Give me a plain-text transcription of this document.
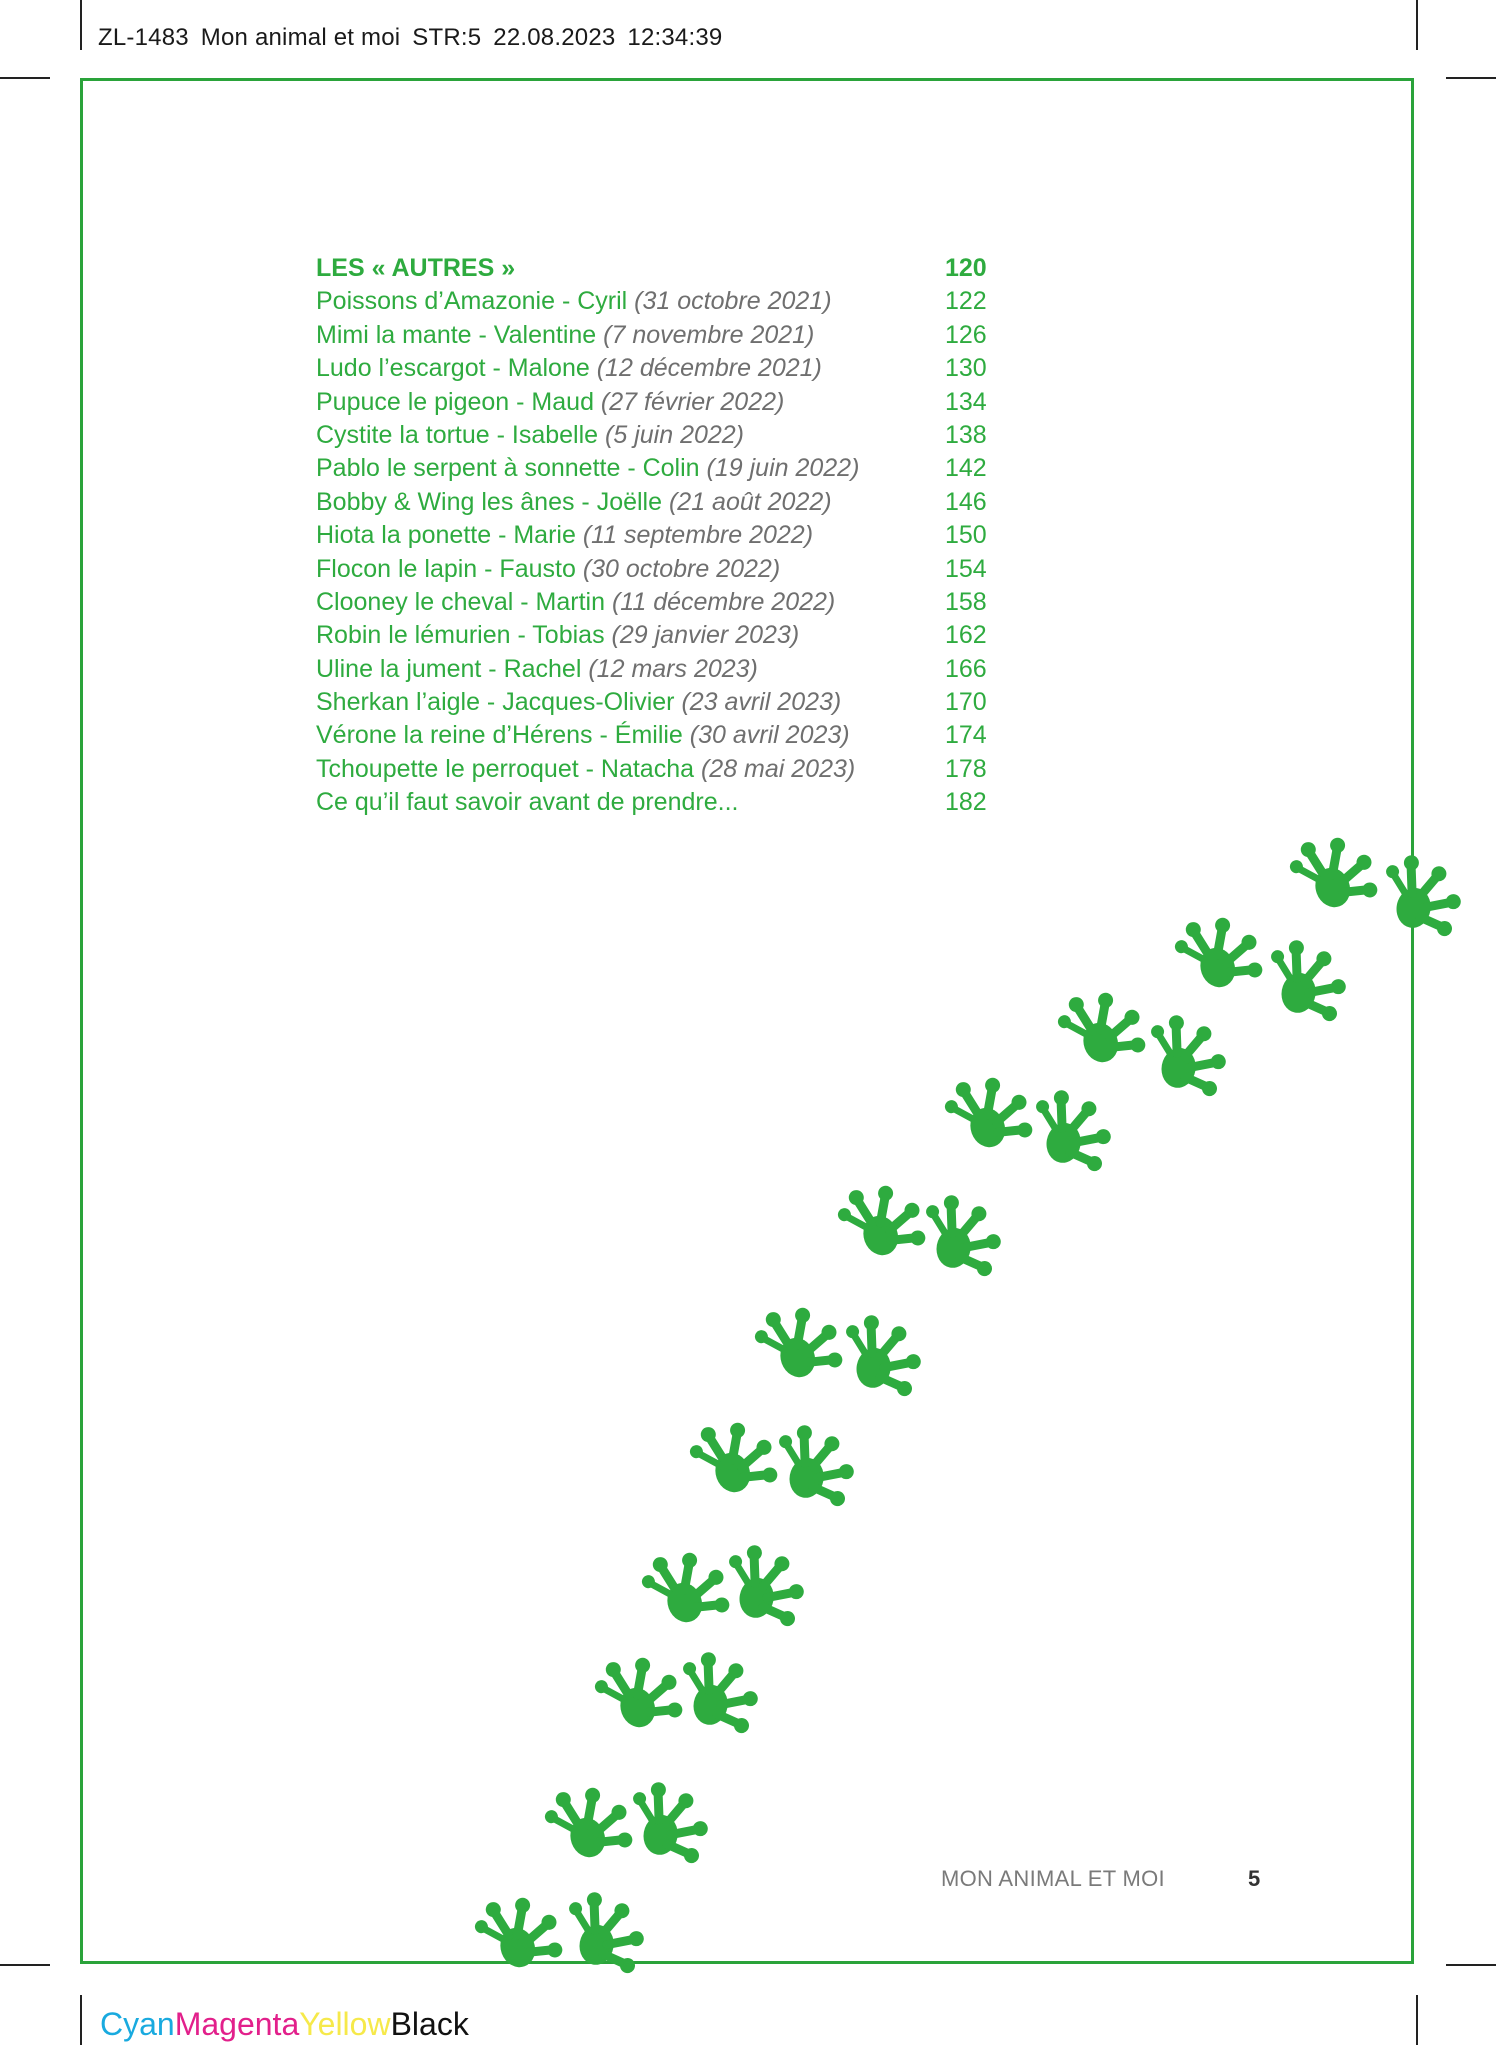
ZL-1483 Mon animal et moi STR:5 22.08.2023 12:34:39
LES « AUTRES »	120
Poissons d’Amazonie - Cyril (31 octobre 2021)	122
Mimi la mante - Valentine (7 novembre 2021)	126
Ludo l’escargot - Malone (12 décembre 2021)	130
Pupuce le pigeon - Maud (27 février 2022)	134
Cystite la tortue - Isabelle (5 juin 2022)	138
Pablo le serpent à sonnette - Colin (19 juin 2022)	142
Bobby & Wing les ânes - Joëlle (21 août 2022)	146
Hiota la ponette - Marie (11 septembre 2022)	150
Flocon le lapin - Fausto (30 octobre 2022)	154
Clooney le cheval - Martin (11 décembre 2022)	158
Robin le lémurien - Tobias (29 janvier 2023)	162
Uline la jument - Rachel (12 mars 2023)	166
Sherkan l’aigle - Jacques-Olivier (23 avril 2023)	170
Vérone la reine d’Hérens - Émilie (30 avril 2023)	174
Tchoupette le perroquet - Natacha (28 mai 2023)	178
Ce qu’il faut savoir avant de prendre...	182
MON ANIMAL ET MOI	5
CyanMagentaYellowBlack
